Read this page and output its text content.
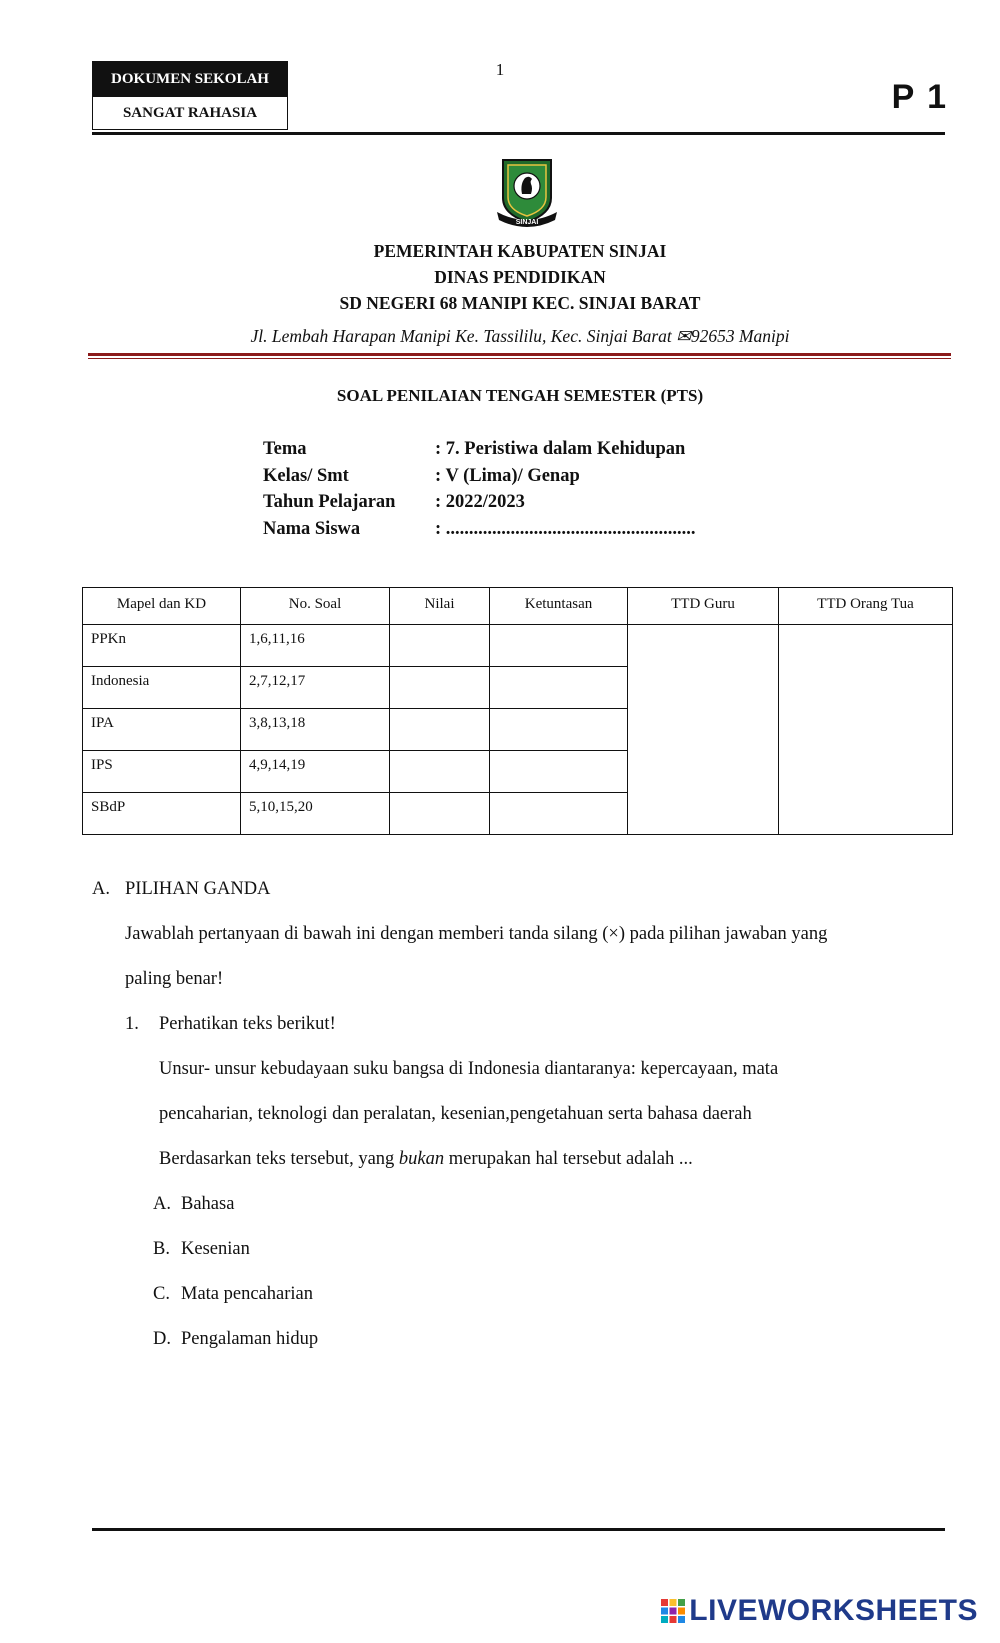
DOKUMEN SEKOLAH
SANGAT RAHASIA
1
P 1
SINJAI
PEMERINTAH KABUPATEN SINJAI
DINAS PENDIDIKAN
SD NEGERI 68 MANIPI KEC. SINJAI BARAT
Jl. Lembah Harapan Manipi Ke. Tassililu, Kec. Sinjai Barat ✉92653 Manipi
SOAL PENILAIAN TENGAH SEMESTER (PTS)
Tema	: 7. Peristiwa dalam Kehidupan
Kelas/ Smt	: V (Lima)/ Genap
Tahun Pelajaran : 2022/2023
Nama Siswa	: ......................................................
Mapel dan KD	No. Soal	Nilai	Ketuntasan	TTD Guru	TTD Orang Tua
PPKn	1,6,11,16				
Indonesia	2,7,12,17				
IPA	3,8,13,18				
IPS	4,9,14,19				
SBdP	5,10,15,20				
A. PILIHAN GANDA
Jawablah pertanyaan di bawah ini dengan memberi tanda silang (×) pada pilihan jawaban yang
paling benar!
1. Perhatikan teks berikut!
Unsur- unsur kebudayaan suku bangsa di Indonesia diantaranya: kepercayaan, mata
pencaharian, teknologi dan peralatan, kesenian,pengetahuan serta bahasa daerah
Berdasarkan teks tersebut, yang bukan merupakan hal tersebut adalah ...
A. Bahasa
B. Kesenian
C. Mata pencaharian
D. Pengalaman hidup
LIVEWORKSHEETS
